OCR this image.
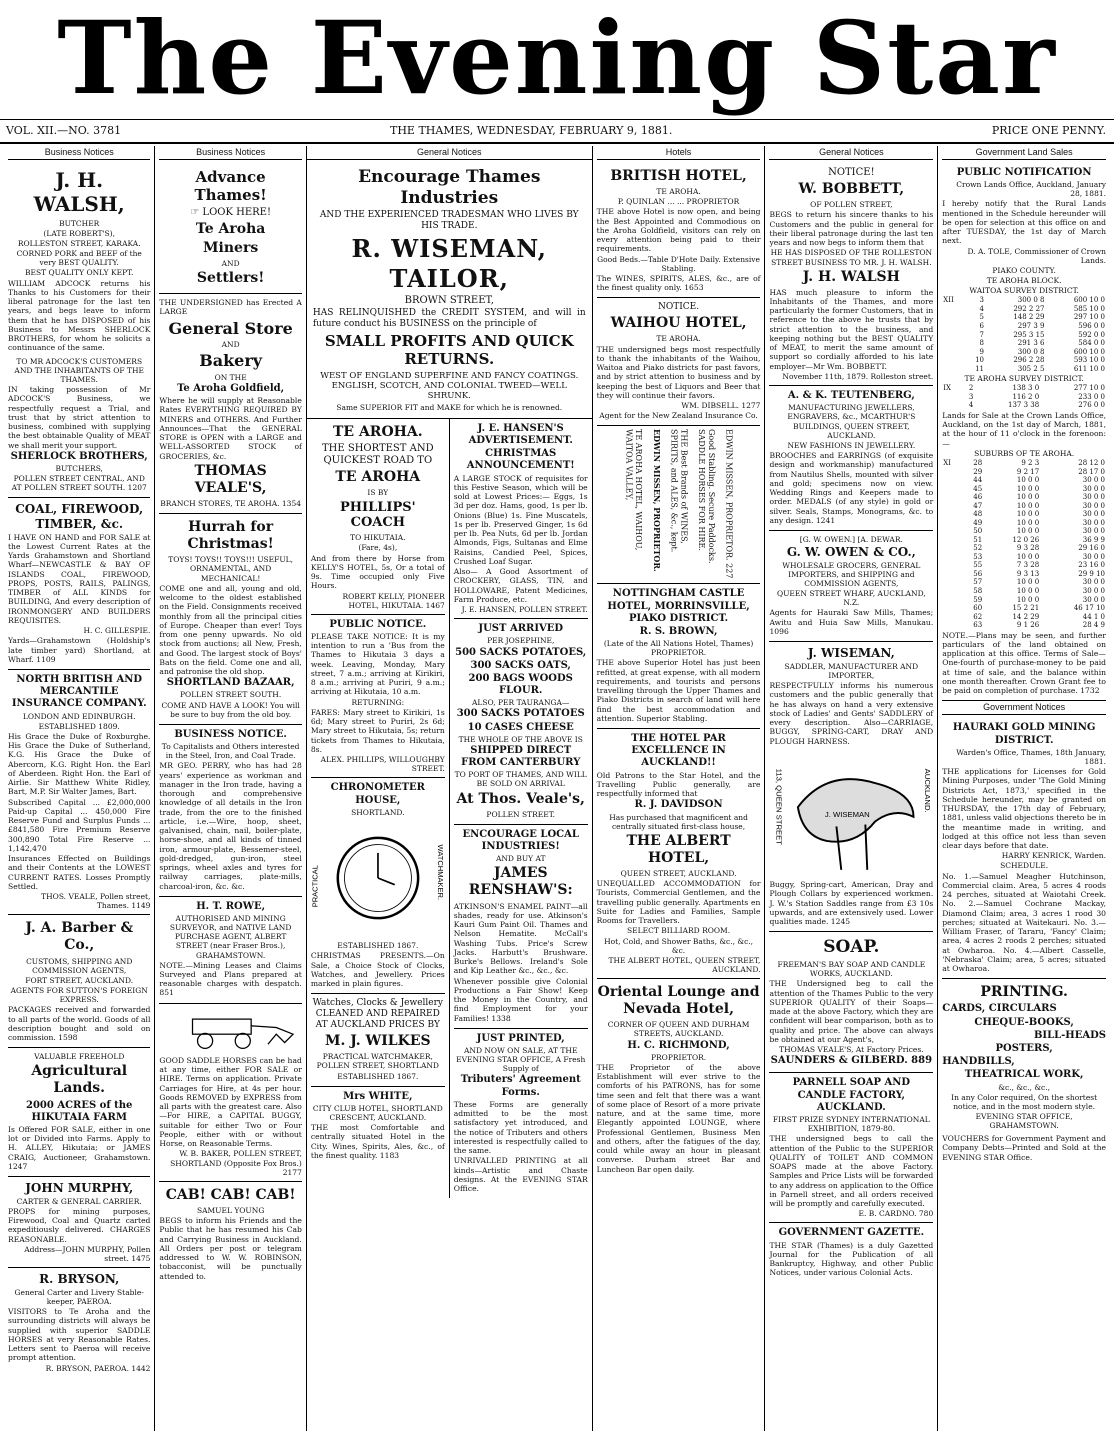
The Evening Star
VOL. XII.—NO. 3781	THE THAMES, WEDNESDAY, FEBRUARY 9, 1881.	PRICE ONE PENNY.
Business Notices
J. H. WALSH,
BUTCHER
(LATE ROBERT'S),
ROLLESTON STREET, KARAKA.
CORNED PORK and BEEF of the very BEST QUALITY.
BEST QUALITY ONLY KEPT.
WILLIAM ADCOCK returns his Thanks to his Customers for their liberal patronage for the last ten years, and begs leave to inform them that he has DISPOSED of his Business to Messrs SHERLOCK BROTHERS, for whom he solicits a continuance of the same.
TO MR ADCOCK'S CUSTOMERS AND THE INHABITANTS OF THE THAMES.
IN taking possession of Mr ADCOCK'S Business, we respectfully request a Trial, and trust that by strict attention to business, combined with supplying the best obtainable Quality of MEAT we shall merit your support.
SHERLOCK BROTHERS,
BUTCHERS,
POLLEN STREET CENTRAL, AND AT POLLEN STREET SOUTH. 1207
COAL, FIREWOOD, TIMBER, &c.
I HAVE ON HAND and FOR SALE at the Lowest Current Rates at the Yards Grahamstown and Shortland Wharf—NEWCASTLE & BAY OF ISLANDS COAL, FIREWOOD, PROPS, POSTS, RAILS, PALINGS, TIMBER of ALL KINDS for BUILDING, And every description of IRONMONGERY AND BUILDERS REQUISITES.
H. C. GILLESPIE.
Yards—Grahamstown (Holdship's late timber yard) Shortland, at Wharf. 1109
NORTH BRITISH AND MERCANTILE INSURANCE COMPANY.
LONDON AND EDINBURGH.
ESTABLISHED 1809.
His Grace the Duke of Roxburghe. His Grace the Duke of Sutherland, K.G. His Grace the Duke of Abercorn, K.G. Right Hon. the Earl of Aberdeen. Right Hon. the Earl of Airlie. Sir Matthew White Ridley, Bart, M.P. Sir Walter James, Bart.
Subscribed Capital ... £2,000,000 Paid-up Capital ... 450,000 Fire Reserve Fund and Surplus Funds ... £841,580 Fire Premium Reserve 300,890 Total Fire Reserve ... 1,142,470
Insurances Effected on Buildings and their Contents at the LOWEST CURRENT RATES. Losses Promptly Settled.
THOS. VEALE, Pollen street, Thames. 1149
J. A. Barber & Co.,
CUSTOMS, SHIPPING AND COMMISSION AGENTS,
FORT STREET, AUCKLAND.
AGENTS FOR SUTTON'S FOREIGN EXPRESS.
PACKAGES received and forwarded to all parts of the world. Goods of all description bought and sold on commission. 1598
VALUABLE FREEHOLD
Agricultural Lands.
2000 ACRES of the HIKUTAIA FARM
Is Offered FOR SALE, either in one lot or Divided into Farms. Apply to H. ALLEY, Hikutaia; or JAMES CRAIG, Auctioneer, Grahamstown. 1247
JOHN MURPHY,
CARTER & GENERAL CARRIER.
PROPS for mining purposes, Firewood, Coal and Quartz carted expeditiously delivered. CHARGES REASONABLE.
Address—JOHN MURPHY, Pollen street. 1475
R. BRYSON,
General Carter and Livery Stable-keeper, PAEROA.
VISITORS to Te Aroha and the surrounding districts will always be supplied with superior SADDLE HORSES at very Reasonable Rates. Letters sent to Paeroa will receive prompt attention.
R. BRYSON, PAEROA. 1442
Business Notices
Advance Thames!
☞ LOOK HERE!
Te Aroha
Miners
AND
Settlers!
THE UNDERSIGNED has Erected A LARGE
General Store
AND
Bakery
ON THE
Te Aroha Goldfield,
Where he will supply at Reasonable Rates EVERYTHING REQUIRED BY MINERS and OTHERS. And Further Announces—That the GENERAL STORE is OPEN with a LARGE and WELL-ASSORTED STOCK of GROCERIES, &c.
THOMAS VEALE'S,
BRANCH STORES, TE AROHA. 1354
Hurrah for Christmas!
TOYS! TOYS!! TOYS!!! USEFUL, ORNAMENTAL, AND MECHANICAL!
COME one and all, young and old, welcome to the oldest established on the Field. Consignments received monthly from all the principal cities of Europe. Cheaper than ever! Toys from one penny upwards. No old stock from auctions; all New, Fresh, and Good. The largest stock of Boys' Bats on the field. Come one and all, and patronise the old shop.
SHORTLAND BAZAAR,
POLLEN STREET SOUTH.
COME AND HAVE A LOOK! You will be sure to buy from the old boy.
BUSINESS NOTICE.
To Capitalists and Others interested in the Steel, Iron, and Coal Trade.
MR GEO. PERRY, who has had 28 years' experience as workman and manager in the Iron trade, having a thorough and comprehensive knowledge of all details in the Iron trade, from the ore to the finished article, i.e.—Wire, hoop, sheet, galvanised, chain, nail, boiler-plate, horse-shoe, and all kinds of tinned iron, armour-plate, Bessemer-steel, gold-dredged, gun-iron, steel springs, wheel axles and tyres for railway carriages, plate-mills, charcoal-iron, &c. &c.
H. T. ROWE,
AUTHORISED AND MINING SURVEYOR, and NATIVE LAND PURCHASE AGENT, ALBERT STREET (near Fraser Bros.), GRAHAMSTOWN.
NOTE.—Mining Leases and Claims Surveyed and Plans prepared at reasonable charges with despatch. 851
GOOD SADDLE HORSES can be had at any time, either FOR SALE or HIRE. Terms on application. Private Carriages for Hire, at 4s per hour. Goods REMOVED by EXPRESS from all parts with the greatest care. Also—For HIRE, a CAPITAL BUGGY, suitable for either Two or Four People, either with or without Horse, on Reasonable Terms.
W. B. BAKER, POLLEN STREET, SHORTLAND (Opposite Fox Bros.) 2177
CAB! CAB! CAB!
SAMUEL YOUNG
BEGS to inform his Friends and the Public that he has resumed his Cab and Carrying Business in Auckland. All Orders per post or telegram addressed to W. W. ROBINSON, tobacconist, will be punctually attended to.
General Notices
Encourage Thames Industries
AND THE EXPERIENCED TRADESMAN WHO LIVES BY HIS TRADE.
R. WISEMAN, TAILOR,
BROWN STREET,
HAS RELINQUISHED the CREDIT SYSTEM, and will in future conduct his BUSINESS on the principle of
SMALL PROFITS AND QUICK RETURNS.
WEST OF ENGLAND SUPERFINE AND FANCY COATINGS. ENGLISH, SCOTCH, AND COLONIAL TWEED—WELL SHRUNK.
Same SUPERIOR FIT and MAKE for which he is renowned.
TE AROHA.
THE SHORTEST AND QUICKEST ROAD TO
TE AROHA
IS BY
PHILLIPS' COACH
TO HIKUTAIA.
(Fare, 4s),
And from there by Horse from KELLY'S HOTEL, 5s, Or a total of 9s. Time occupied only Five Hours.
ROBERT KELLY, PIONEER HOTEL, HIKUTAIA. 1467
PUBLIC NOTICE.
PLEASE TAKE NOTICE: It is my intention to run a 'Bus from the Thames to Hikutaia 3 days a week. Leaving, Monday, Mary street, 7 a.m.; arriving at Kirikiri, 8 a.m.; arriving at Puriri, 9 a.m.; arriving at Hikutaia, 10 a.m.
RETURNING:
FARES: Mary street to Kirikiri, 1s 6d; Mary street to Puriri, 2s 6d; Mary street to Hikutaia, 5s; return tickets from Thames to Hikutaia, 8s.
ALEX. PHILLIPS, WILLOUGHBY STREET.
CHRONOMETER HOUSE,
SHORTLAND.
PRACTICAL	WATCHMAKER.
ESTABLISHED 1867.
CHRISTMAS PRESENTS.—On Sale, a Choice Stock of Clocks, Watches, and Jewellery. Prices marked in plain figures.
Watches, Clocks & Jewellery CLEANED AND REPAIRED AT AUCKLAND PRICES BY
M. J. WILKES
PRACTICAL WATCHMAKER, POLLEN STREET, SHORTLAND
ESTABLISHED 1867.
Mrs WHITE,
CITY CLUB HOTEL, SHORTLAND CRESCENT, AUCKLAND.
THE most Comfortable and centrally situated Hotel in the City. Wines, Spirits, Ales, &c., of the finest quality. 1183
J. E. HANSEN'S ADVERTISEMENT.
CHRISTMAS ANNOUNCEMENT!
A LARGE STOCK of requisites for this Festive Season, which will be sold at Lowest Prices:— Eggs, 1s 3d per doz. Hams, good, 1s per lb. Onions (Blue) 1s. Fine Muscatels, 1s per lb. Preserved Ginger, 1s 6d per lb. Pea Nuts, 6d per lb. Jordan Almonds, Figs, Sultanas and Elme Raisins, Candied Peel, Spices, Crushed Loaf Sugar.
Also— A Good Assortment of CROCKERY, GLASS, TIN, and HOLLOWARE, Patent Medicines, Farm Produce, etc.
J. E. HANSEN, POLLEN STREET.
JUST ARRIVED
PER JOSEPHINE,
500 SACKS POTATOES,
300 SACKS OATS,
200 BAGS WOODS FLOUR.
ALSO, PER TAURANGA—
300 SACKS POTATOES
10 CASES CHEESE
THE WHOLE OF THE ABOVE IS
SHIPPED DIRECT FROM CANTERBURY
TO PORT OF THAMES, AND WILL BE SOLD ON ARRIVAL
At Thos. Veale's,
POLLEN STREET.
ENCOURAGE LOCAL INDUSTRIES!
AND BUY AT
JAMES RENSHAW'S:
ATKINSON'S ENAMEL PAINT—all shades, ready for use. Atkinson's Kauri Gum Paint Oil. Thames and Nelson Hematite. McCall's Washing Tubs. Price's Screw Jacks. Harbutt's Brushware. Burke's Bellows. Ireland's Sole and Kip Leather &c., &c., &c.
Whenever possible give Colonial Productions a Fair Show! Keep the Money in the Country, and find Employment for your Families! 1338
JUST PRINTED,
AND NOW ON SALE, AT THE EVENING STAR OFFICE, A Fresh Supply of
Tributers' Agreement Forms.
These Forms are generally admitted to be the most satisfactory yet introduced, and the notice of Tributers and others interested is respectfully called to the same.
UNRIVALLED PRINTING at all kinds—Artistic and Chaste designs. At the EVENING STAR Office.
Hotels
BRITISH HOTEL,
TE AROHA.
P. QUINLAN ... ... PROPRIETOR
THE above Hotel is now open, and being the Best Appointed and Commodious on the Aroha Goldfield, visitors can rely on every attention being paid to their requirements.
Good Beds.—Table D'Hote Daily. Extensive Stabling.
The WINES, SPIRITS, ALES, &c., are of the finest quality only. 1653
NOTICE.
WAIHOU HOTEL,
TE AROHA.
THE undersigned begs most respectfully to thank the inhabitants of the Waihou, Waitoa and Piako districts for past favors, and by strict attention to business and by keeping the best of Liquors and Beer that they will continue their favors.
WM. DIBSELL. 1277
Agent for the New Zealand Insurance Co.
TE AROHA HOTEL, WAIHOU, WAITOA VALLEY,	EDWIN MISSEN, PROPRIETOR.	THE Best Brands of WINES, SPIRITS, and ALES, &c., kept.	Good Stabling. Secure Paddocks. SADDLE HORSES FOR HIRE.	EDWIN MISSEN, PROPRIETOR. 227
NOTTINGHAM CASTLE HOTEL, MORRINSVILLE, PIAKO DISTRICT.
R. S. BROWN,
(Late of the All Nations Hotel, Thames) PROPRIETOR.
THE above Superior Hotel has just been refitted, at great expense, with all modern requirements, and tourists and persons travelling through the Upper Thames and Piako Districts in search of land will here find the best accommodation and attention. Superior Stabling.
THE HOTEL PAR EXCELLENCE IN AUCKLAND!!
Old Patrons to the Star Hotel, and the Travelling Public generally, are respectfully informed that
R. J. DAVIDSON
Has purchased that magnificent and centrally situated first-class house,
THE ALBERT HOTEL,
QUEEN STREET, AUCKLAND.
UNEQUALLED ACCOMMODATION for Tourists, Commercial Gentlemen, and the travelling public generally. Apartments en Suite for Ladies and Families, Sample Rooms for Travellers.
SELECT BILLIARD ROOM.
Hot, Cold, and Shower Baths, &c., &c., &c.
THE ALBERT HOTEL, QUEEN STREET, AUCKLAND.
Oriental Lounge and Nevada Hotel,
CORNER OF QUEEN AND DURHAM STREETS, AUCKLAND.
H. C. RICHMOND,
PROPRIETOR.
THE Proprietor of the above Establishment will ever strive to the comforts of his PATRONS, has for some time seen and felt that there was a want of some place of Resort of a more private nature, and at the same time, more Elegantly appointed LOUNGE, where Professional Gentlemen, Business Men and others, after the fatigues of the day, could while away an hour in pleasant converse. Durham street Bar and Luncheon Bar open daily.
General Notices
NOTICE!
W. BOBBETT,
OF POLLEN STREET,
BEGS to return his sincere thanks to his Customers and the public in general for their liberal patronage during the last ten years and now begs to inform them that
HE HAS DISPOSED OF THE ROLLESTON STREET BUSINESS TO MR. J. H. WALSH.
J. H. WALSH
HAS much pleasure to inform the Inhabitants of the Thames, and more particularly the former Customers, that in reference to the above he trusts that by strict attention to the business, and keeping nothing but the BEST QUALITY of MEAT, to merit the same amount of support so cordially afforded to his late employer—Mr Wm. BOBBETT.
November 11th, 1879. Rolleston street.
A. & K. TEUTENBERG,
MANUFACTURING JEWELLERS, ENGRAVERS, &c., MCARTHUR'S BUILDINGS, QUEEN STREET, AUCKLAND.
NEW FASHIONS IN JEWELLERY.
BROOCHES and EARRINGS (of exquisite design and workmanship) manufactured from Nautilus Shells, mounted with silver and gold; specimens now on view. Wedding Rings and Keepers made to order. MEDALS (of any style) in gold or silver. Seals, Stamps, Monograms, &c. to any design. 1241
[G. W. OWEN.] [A. DEWAR.
G. W. OWEN & CO.,
WHOLESALE GROCERS, GENERAL IMPORTERS, and SHIPPING and COMMISSION AGENTS,
QUEEN STREET WHARF, AUCKLAND, N.Z.
Agents for Hauraki Saw Mills, Thames; Awitu and Huia Saw Mills, Manukau. 1096
J. WISEMAN,
SADDLER, MANUFACTURER AND IMPORTER,
RESPECTFULLY informs his numerous customers and the public generally that he has always on hand a very extensive stock of Ladies' and Gents' SADDLERY of every description. Also—CARRIAGE, BUGGY, SPRING-CART, DRAY AND PLOUGH HARNESS.
J. WISEMAN
113, QUEEN STREET	AUCKLAND.
Buggy, Spring-cart, American, Dray and Plough Collars by experienced workmen. J. W.'s Station Saddles range from £3 10s upwards, and are extensively used. Lower qualities made. 1245
SOAP.
FREEMAN'S BAY SOAP AND CANDLE WORKS, AUCKLAND.
THE Undersigned beg to call the attention of the Thames Public to the very SUPERIOR QUALITY of their Soaps—made at the above Factory, which they are confident will bear comparison, both as to quality and price. The above can always be obtained at our Agent's,
THOMAS VEALE'S, At Factory Prices.
SAUNDERS & GILBERD. 889
PARNELL SOAP AND CANDLE FACTORY, AUCKLAND.
FIRST PRIZE SYDNEY INTERNATIONAL EXHIBITION, 1879-80.
THE undersigned begs to call the attention of the Public to the SUPERIOR QUALITY of TOILET AND COMMON SOAPS made at the above Factory. Samples and Price Lists will be forwarded to any address on application to the Office in Parnell street, and all orders received will be promptly and carefully executed.
E. B. CARDNO. 780
GOVERNMENT GAZETTE.
THE STAR (Thames) is a duly Gazetted Journal for the Publication of all Bankruptcy, Highway, and other Public Notices, under various Colonial Acts.
Government Land Sales
PUBLIC NOTIFICATION
Crown Lands Office, Auckland, January 28, 1881.
I hereby notify that the Rural Lands mentioned in the Schedule hereunder will be open for selection at this office on and after TUESDAY, the 1st day of March next.
D. A. TOLE, Commissioner of Crown Lands.
PIAKO COUNTY.
TE AROHA BLOCK.
WAITOA SURVEY DISTRICT.
XII	3	300 0 8	600 10 0
	4	292 2 27	585 10 0
	5	148 2 29	297 10 0
	6	297 3 9	596 0 0
	7	295 3 15	592 0 0
	8	291 3 6	584 0 0
	9	300 0 8	600 10 0
	10	296 2 28	593 10 0
	11	305 2 5	611 10 0
TE AROHA SURVEY DISTRICT.
IX	2	138 3 0	277 10 0
	3	116 2 0	233 0 0
	4	137 3 38	276 0 0
Lands for Sale at the Crown Lands Office, Auckland, on the 1st day of March, 1881, at the hour of 11 o'clock in the forenoon:—
SUBURBS OF TE AROHA.
XI	28	9 2 3	28 12 0
	29	9 2 17	28 17 0
	44	10 0 0	30 0 0
	45	10 0 0	30 0 0
	46	10 0 0	30 0 0
	47	10 0 0	30 0 0
	48	10 0 0	30 0 0
	49	10 0 0	30 0 0
	50	10 0 0	30 0 0
	51	12 0 26	36 9 9
	52	9 3 28	29 16 0
	53	10 0 0	30 0 0
	55	7 3 28	23 16 0
	56	9 3 13	29 9 10
	57	10 0 0	30 0 0
	58	10 0 0	30 0 0
	59	10 0 0	30 0 0
	60	15 2 21	46 17 10
	62	14 2 29	44 1 0
	63	9 1 26	28 4 9
NOTE.—Plans may be seen, and further particulars of the land obtained on application at this office. Terms of Sale—One-fourth of purchase-money to be paid at time of sale, and the balance within one month thereafter. Crown Grant fee to be paid on completion of purchase. 1732
Government Notices
HAURAKI GOLD MINING DISTRICT.
Warden's Office, Thames, 18th January, 1881.
THE applications for Licenses for Gold Mining Purposes, under 'The Gold Mining Districts Act, 1873,' specified in the Schedule hereunder, may be granted on THURSDAY, the 17th day of February, 1881, unless valid objections thereto be in the meantime made in writing, and lodged at this office not less than seven clear days before that date.
HARRY KENRICK, Warden.
SCHEDULE.
No. 1.—Samuel Meagher Hutchinson, Commercial claim. Area, 5 acres 4 roods 24 perches, situated at Waiotahi Creek. No. 2.—Samuel Cochrane Mackay, Diamond Claim; area, 3 acres 1 rood 30 perches; situated at Waitekauri. No. 3.—William Fraser, of Tararu, 'Fancy' Claim; area, 4 acres 2 roods 2 perches; situated at Owharoa. No. 4.—Albert Casselle, 'Nebraska' Claim; area, 5 acres; situated at Owharoa.
PRINTING.
CARDS, CIRCULARS
CHEQUE-BOOKS,
BILL-HEADS
POSTERS,
HANDBILLS,
THEATRICAL WORK,
&c., &c., &c.,
In any Color required, On the shortest notice, and in the most modern style.
EVENING STAR OFFICE, GRAHAMSTOWN.
VOUCHERS for Government Payment and Company Debts—Printed and Sold at the EVENING STAR Office.
